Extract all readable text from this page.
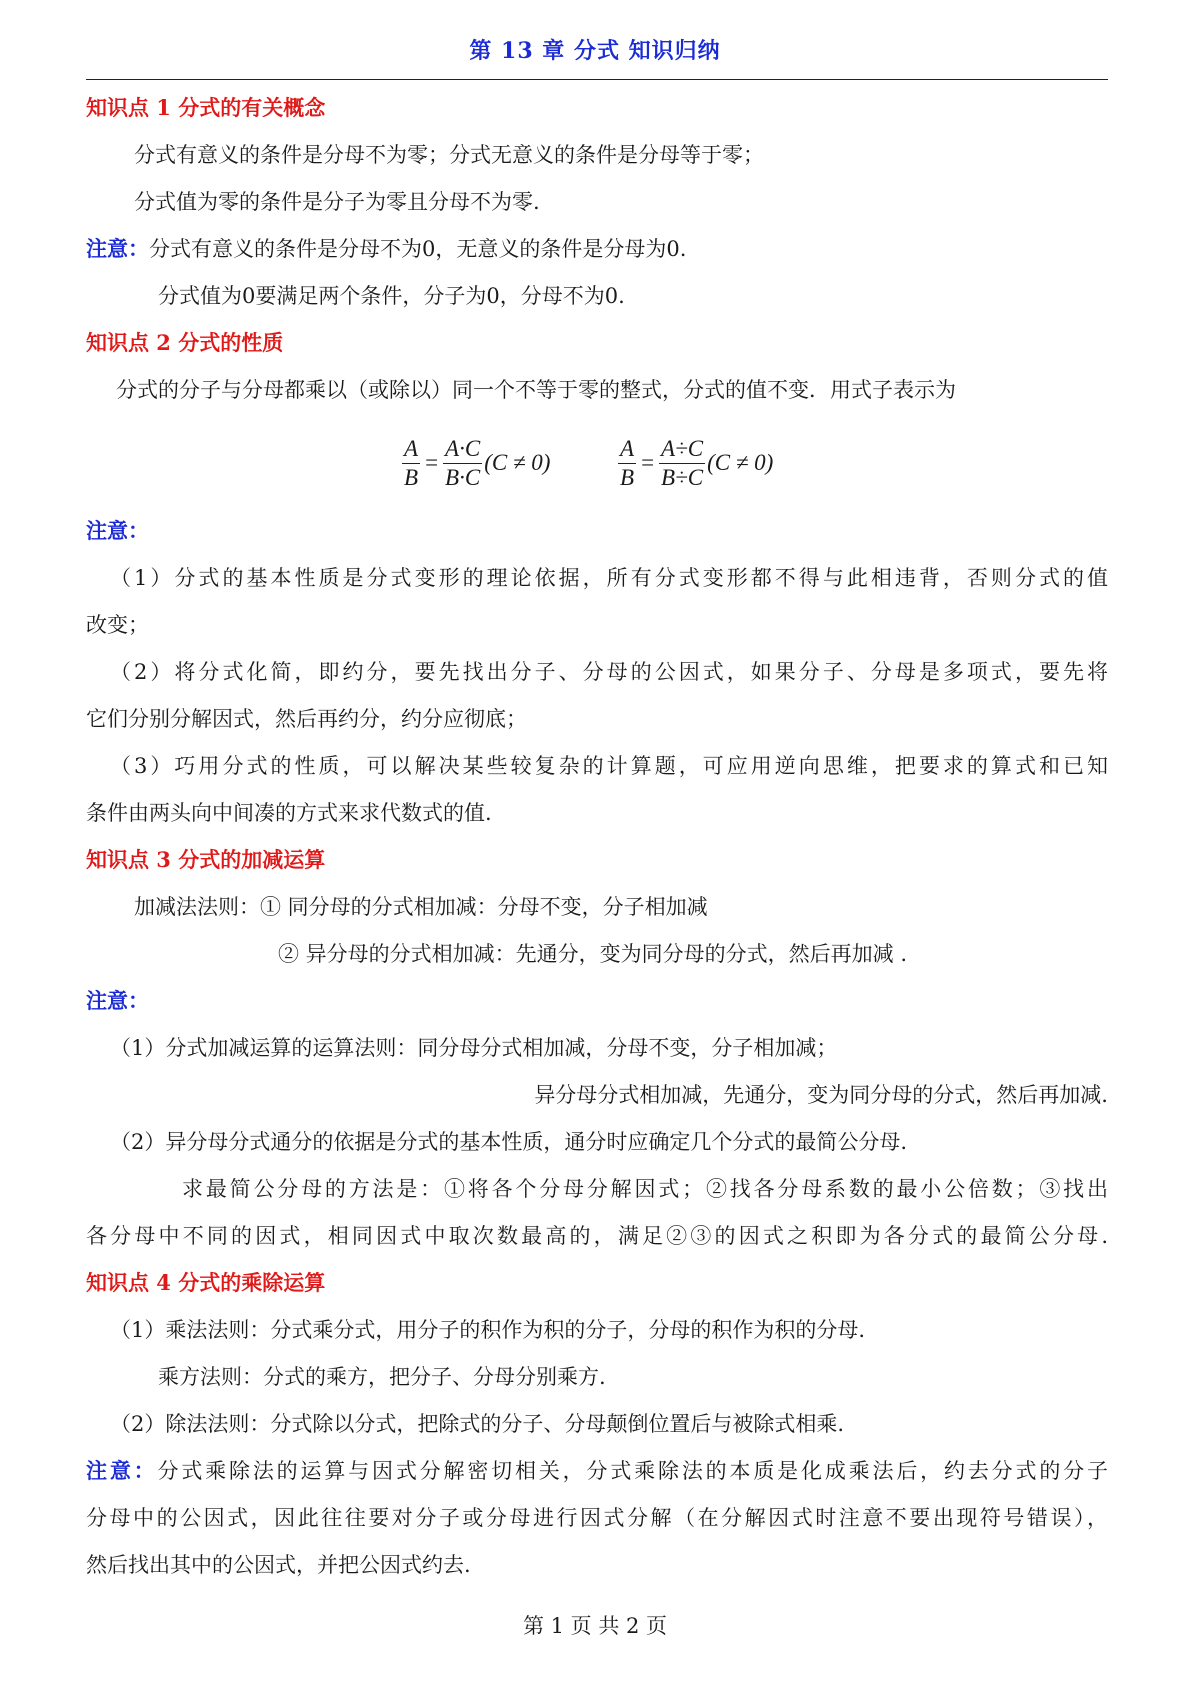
第 13 章 分式 知识归纳
知识点 1 分式的有关概念
分式有意义的条件是分母不为零；分式无意义的条件是分母等于零；
分式值为零的条件是分子为零且分母不为零.
注意：分式有意义的条件是分母不为0，无意义的条件是分母为0.
分式值为0要满足两个条件，分子为0，分母不为0.
知识点 2 分式的性质
分式的分子与分母都乘以（或除以）同一个不等于零的整式，分式的值不变．用式子表示为
$\frac{A}{B} = \frac{A\cdot C}{B\cdot C} (C \ne 0)$	$\frac{A}{B} = \frac{A\div C}{B\div C} (C \ne 0)$
注意：
（1）分式的基本性质是分式变形的理论依据，所有分式变形都不得与此相违背，否则分式的值
改变；
（2）将分式化简，即约分，要先找出分子、分母的公因式，如果分子、分母是多项式，要先将
它们分别分解因式，然后再约分，约分应彻底；
（3）巧用分式的性质，可以解决某些较复杂的计算题，可应用逆向思维，把要求的算式和已知
条件由两头向中间凑的方式来求代数式的值.
知识点 3 分式的加减运算
加减法法则：① 同分母的分式相加减：分母不变，分子相加减
② 异分母的分式相加减：先通分，变为同分母的分式，然后再加减 .
注意：
（1）分式加减运算的运算法则：同分母分式相加减，分母不变，分子相加减；
异分母分式相加减，先通分，变为同分母的分式，然后再加减.
（2）异分母分式通分的依据是分式的基本性质，通分时应确定几个分式的最简公分母.
求最简公分母的方法是：①将各个分母分解因式；②找各分母系数的最小公倍数；③找出
各分母中不同的因式，相同因式中取次数最高的，满足②③的因式之积即为各分式的最简公分母.
知识点 4 分式的乘除运算
（1）乘法法则：分式乘分式，用分子的积作为积的分子，分母的积作为积的分母.
乘方法则：分式的乘方，把分子、分母分别乘方.
（2）除法法则：分式除以分式，把除式的分子、分母颠倒位置后与被除式相乘.
注意：分式乘除法的运算与因式分解密切相关，分式乘除法的本质是化成乘法后，约去分式的分子
分母中的公因式，因此往往要对分子或分母进行因式分解（在分解因式时注意不要出现符号错误），
然后找出其中的公因式，并把公因式约去.
第 1 页 共 2 页
